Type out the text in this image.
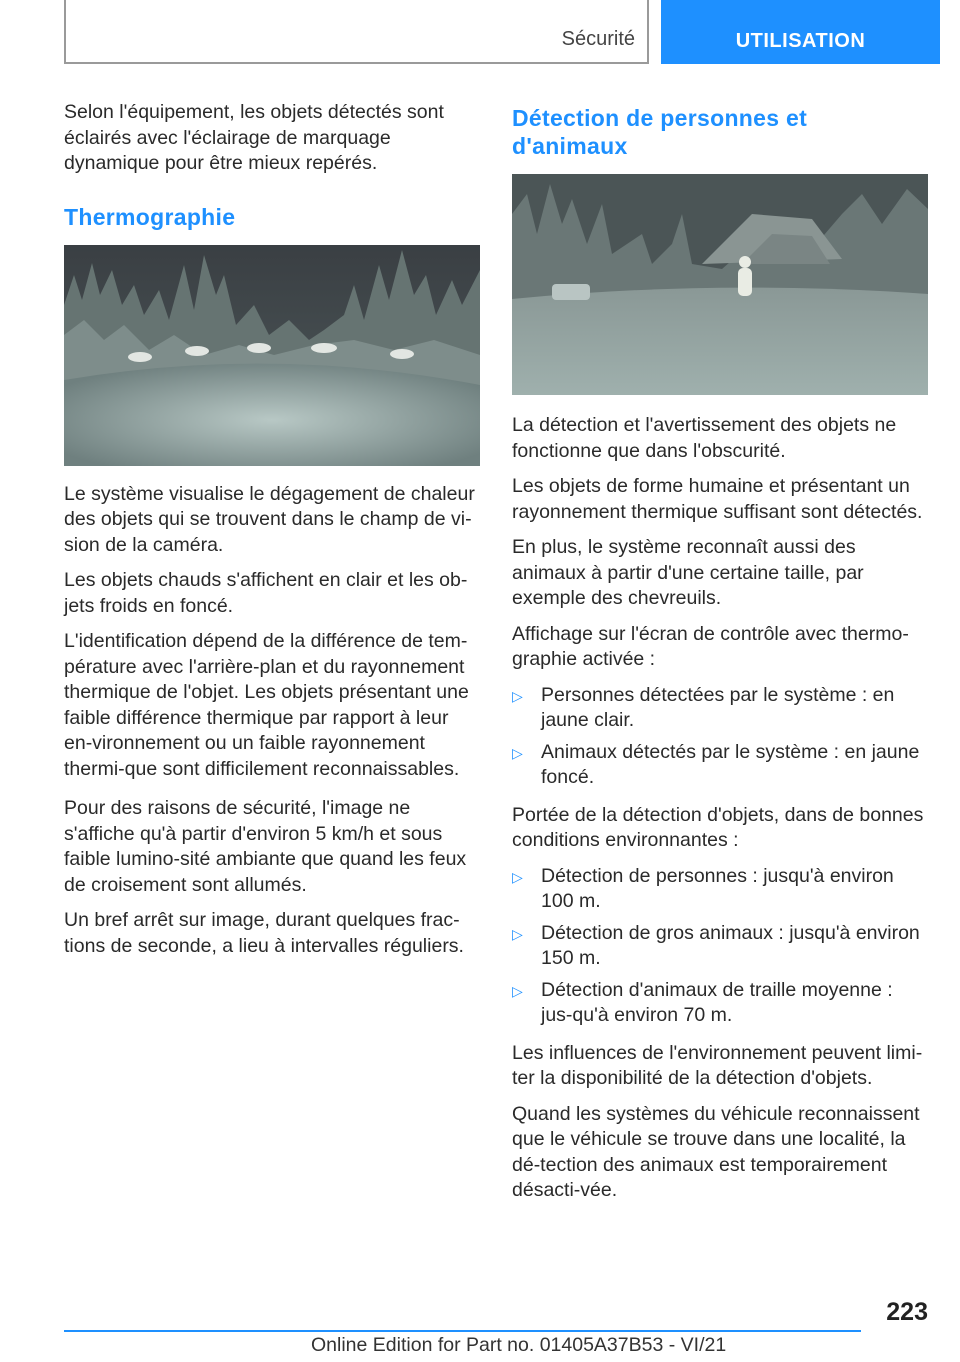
Sécurité	UTILISATION

Selon l'équipement, les objets détectés sont éclairés avec l'éclairage de marquage dynamique pour être mieux repérés.

Thermographie

Le système visualise le dégagement de chaleur des objets qui se trouvent dans le champ de vi-sion de la caméra.

Les objets chauds s'affichent en clair et les ob-jets froids en foncé.

L'identification dépend de la différence de tem-pérature avec l'arrière-plan et du rayonnement thermique de l'objet. Les objets présentant une faible différence thermique par rapport à leur en-vironnement ou un faible rayonnement thermi-que sont difficilement reconnaissables.

Pour des raisons de sécurité, l'image ne s'affiche qu'à partir d'environ 5 km/h et sous faible lumino-sité ambiante que quand les feux de croisement sont allumés.

Un bref arrêt sur image, durant quelques frac-tions de seconde, a lieu à intervalles réguliers.

Détection de personnes et d'animaux

La détection et l'avertissement des objets ne fonctionne que dans l'obscurité.

Les objets de forme humaine et présentant un rayonnement thermique suffisant sont détectés.

En plus, le système reconnaît aussi des animaux à partir d'une certaine taille, par exemple des chevreuils.

Affichage sur l'écran de contrôle avec thermo-graphie activée :

▷ Personnes détectées par le système : en jaune clair.
▷ Animaux détectés par le système : en jaune foncé.

Portée de la détection d'objets, dans de bonnes conditions environnantes :

▷ Détection de personnes : jusqu'à environ 100 m.
▷ Détection de gros animaux : jusqu'à environ 150 m.
▷ Détection d'animaux de traille moyenne : jus-qu'à environ 70 m.

Les influences de l'environnement peuvent limi-ter la disponibilité de la détection d'objets.

Quand les systèmes du véhicule reconnaissent que le véhicule se trouve dans une localité, la dé-tection des animaux est temporairement désacti-vée.

223
Online Edition for Part no. 01405A37B53 - VI/21
